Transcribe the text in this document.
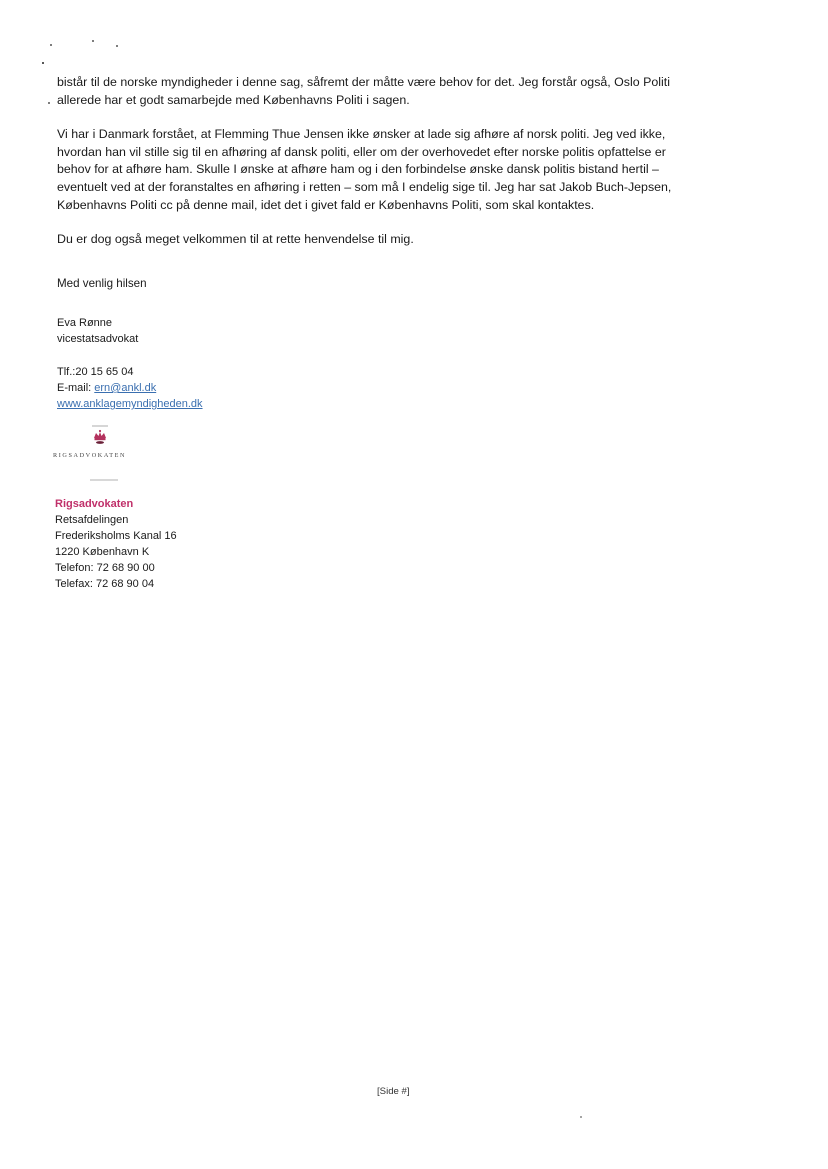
bistår til de norske myndigheder i denne sag, såfremt der måtte være behov for det. Jeg forstår også, Oslo Politi
allerede har et godt samarbejde med Københavns Politi i sagen.

Vi har i Danmark forstået, at Flemming Thue Jensen ikke ønsker at lade sig afhøre af norsk politi. Jeg ved ikke,
hvordan han vil stille sig til en afhøring af dansk politi, eller om der overhovedet efter norske politis opfattelse er
behov for at afhøre ham. Skulle I ønske at afhøre ham og i den forbindelse ønske dansk politis bistand hertil –
eventuelt ved at der foranstaltes en afhøring i retten – som må I endelig sige til. Jeg har sat Jakob Buch-Jepsen,
Københavns Politi cc på denne mail, idet det i givet fald er Københavns Politi, som skal kontaktes.

Du er dog også meget velkommen til at rette henvendelse til mig.

Med venlig hilsen
Eva Rønne
vicestatsadvokat
Tlf.:20 15 65 04
E-mail: ern@ankl.dk
www.anklagemyndigheden.dk
RIGSADVOKATEN
Rigsadvokaten
Retsafdelingen
Frederiksholms Kanal 16
1220 København K
Telefon: 72 68 90 00
Telefax: 72 68 90 04
[Side #]
